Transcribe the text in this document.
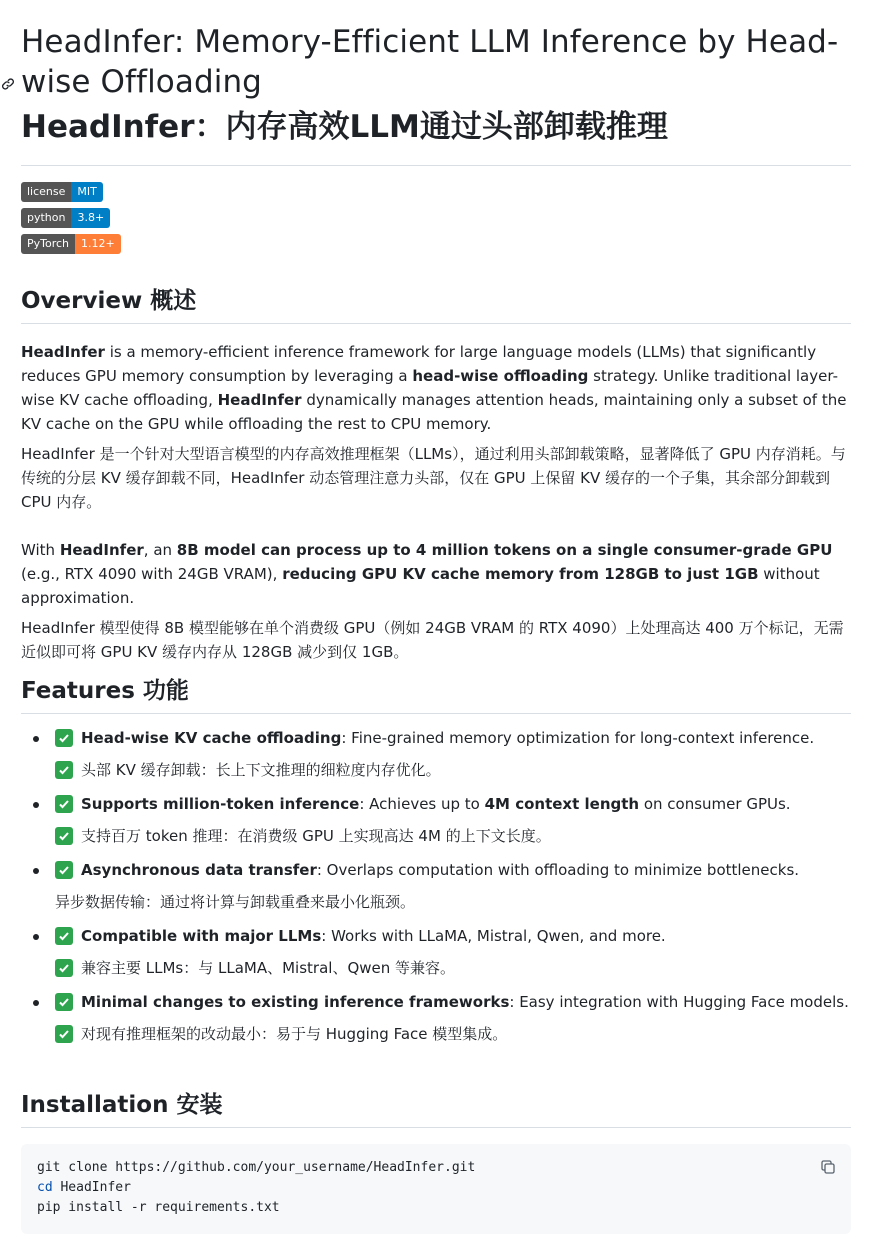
HeadInfer: Memory-Efficient LLM Inference by Head-wise Offloading
HeadInfer：内存高效LLM通过头部卸载推理
license	MIT
python	3.8+
PyTorch	1.12+
Overview 概述

HeadInfer is a memory-efficient inference framework for large language models (LLMs) that significantly reduces GPU memory consumption by leveraging a head-wise offloading strategy. Unlike traditional layer-wise KV cache offloading, HeadInfer dynamically manages attention heads, maintaining only a subset of the KV cache on the GPU while offloading the rest to CPU memory.

HeadInfer 是一个针对大型语言模型的内存高效推理框架（LLMs），通过利用头部卸载策略，显著降低了 GPU 内存消耗。与传统的分层 KV 缓存卸载不同，HeadInfer 动态管理注意力头部，仅在 GPU 上保留 KV 缓存的一个子集，其余部分卸载到 CPU 内存。

With HeadInfer, an 8B model can process up to 4 million tokens on a single consumer-grade GPU (e.g., RTX 4090 with 24GB VRAM), reducing GPU KV cache memory from 128GB to just 1GB without approximation.

HeadInfer 模型使得 8B 模型能够在单个消费级 GPU（例如 24GB VRAM 的 RTX 4090）上处理高达 400 万个标记，无需近似即可将 GPU KV 缓存内存从 128GB 减少到仅 1GB。

Features 功能
Head-wise KV cache offloading: Fine-grained memory optimization for long-context inference.
头部 KV 缓存卸载：长上下文推理的细粒度内存优化。
Supports million-token inference: Achieves up to 4M context length on consumer GPUs.
支持百万 token 推理：在消费级 GPU 上实现高达 4M 的上下文长度。
Asynchronous data transfer: Overlaps computation with offloading to minimize bottlenecks.
异步数据传输：通过将计算与卸载重叠来最小化瓶颈。
Compatible with major LLMs: Works with LLaMA, Mistral, Qwen, and more.
兼容主要 LLMs：与 LLaMA、Mistral、Qwen 等兼容。
Minimal changes to existing inference frameworks: Easy integration with Hugging Face models.
对现有推理框架的改动最小：易于与 Hugging Face 模型集成。
Installation 安装
git clone https://github.com/your_username/HeadInfer.git
cd HeadInfer
pip install -r requirements.txt
